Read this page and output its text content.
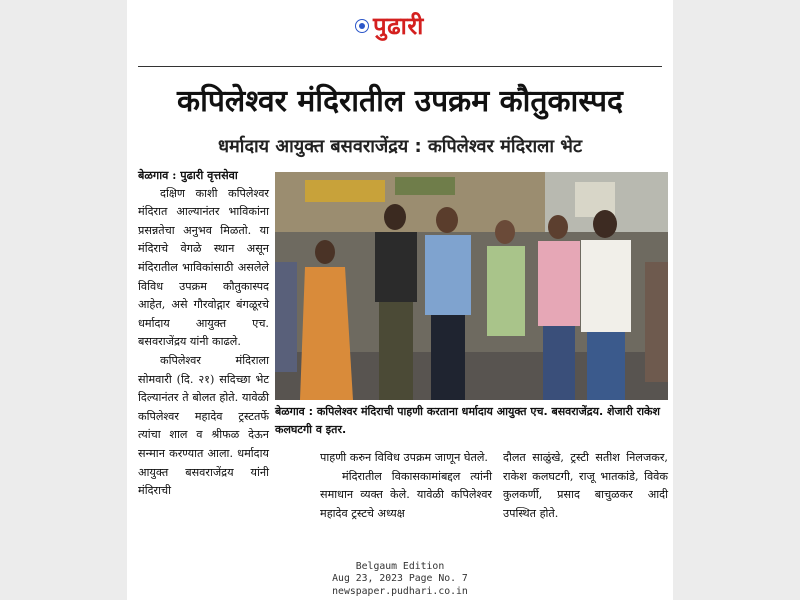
पुढारी
कपिलेश्वर मंदिरातील उपक्रम कौतुकास्पद
धर्मादाय आयुक्त बसवराजेंद्रय : कपिलेश्वर मंदिराला भेट

बेळगाव : पुढारी वृत्तसेवा

दक्षिण काशी कपिलेश्वर मंदिरात आल्यानंतर भाविकांना प्रसन्नतेचा अनुभव मिळतो. या मंदिराचे वेगळे स्थान असून मंदिरातील भाविकांसाठी असलेले विविध उपक्रम कौतुकास्पद आहेत, असे गौरवोद्गार बंगळूरचे धर्मादाय आयुक्त एच. बसवराजेंद्रय यांनी काढले.

कपिलेश्वर मंदिराला सोमवारी (दि. २१) सदिच्छा भेट दिल्यानंतर ते बोलत होते. यावेळी कपिलेश्वर महादेव ट्रस्टतर्फे त्यांचा शाल व श्रीफळ देऊन सन्मान करण्यात आला. धर्मादाय आयुक्त बसवराजेंद्रय यांनी मंदिराची

बेळगाव : कपिलेश्वर मंदिराची पाहणी करताना धर्मादाय आयुक्त एच. बसवराजेंद्रय. शेजारी राकेश कलघटगी व इतर.

पाहणी करुन विविध उपक्रम जाणून घेतले.

मंदिरातील विकासकामांबद्दल त्यांनी समाधान व्यक्त केले. यावेळी कपिलेश्वर महादेव ट्रस्टचे अध्यक्ष

दौलत साळुंखे, ट्रस्टी सतीश निलजकर, राकेश कलघटगी, राजू भातकांडे, विवेक कुलकर्णी, प्रसाद बाचुळकर आदी उपस्थित होते.

Belgaum Edition
Aug 23, 2023 Page No. 7
newspaper.pudhari.co.in
